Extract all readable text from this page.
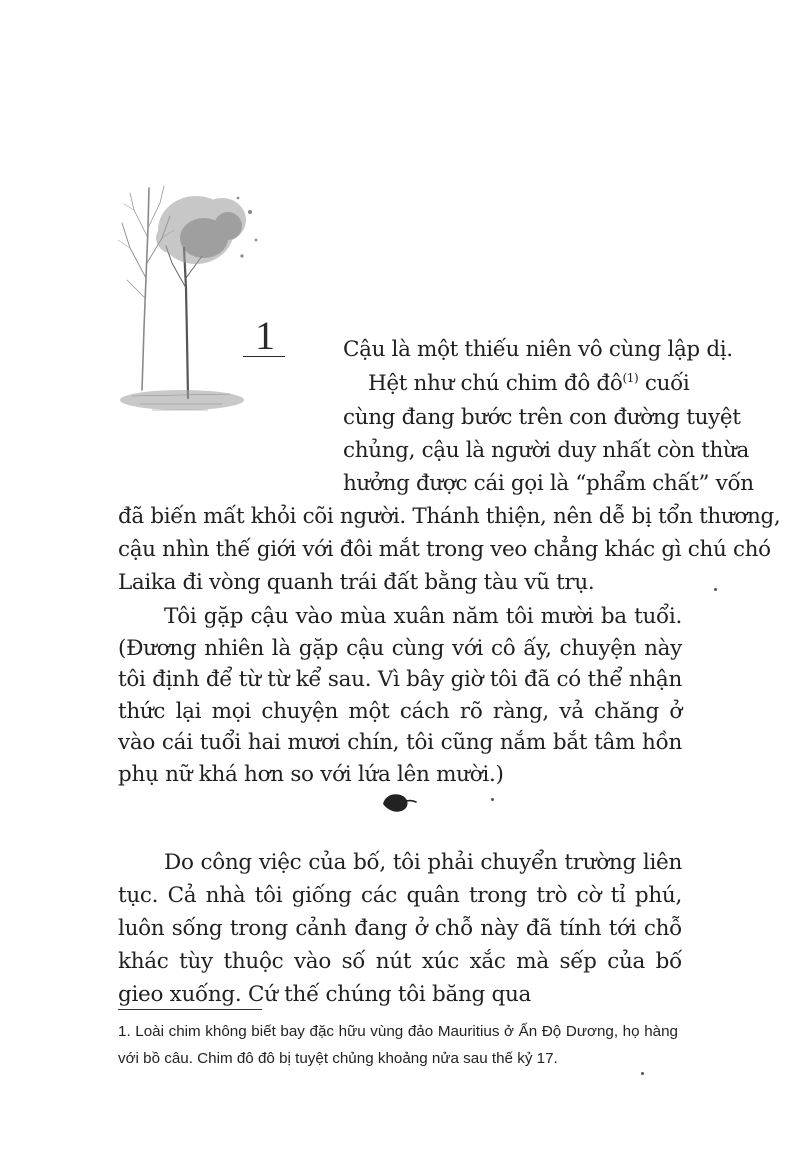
1	Cậu là một thiếu niên vô cùng lập dị.

Hệt như chú chim đô $đô^{(1)}$ cuối

cùng đang bước trên con đường tuyệt

chủng, cậu là người duy nhất còn thừa

hưởng được cái gọi là “phẩm chất” vốn

đã biến mất khỏi cõi người. Thánh thiện, nên dễ bị tổn thương,

cậu nhìn thế giới với đôi mắt trong veo chẳng khác gì chú chó

Laika đi vòng quanh trái đất bằng tàu vũ trụ.

Tôi gặp cậu vào mùa xuân năm tôi mười ba tuổi. (Đương nhiên là gặp cậu cùng với cô ấy, chuyện này tôi định để từ từ kể sau. Vì bây giờ tôi đã có thể nhận thức lại mọi chuyện một cách rõ ràng, vả chăng ở vào cái tuổi hai mươi chín, tôi cũng nắm bắt tâm hồn phụ nữ khá hơn so với lứa lên mười.)

Do công việc của bố, tôi phải chuyển trường liên tục. Cả nhà tôi giống các quân trong trò cờ tỉ phú, luôn sống trong cảnh đang ở chỗ này đã tính tới chỗ khác tùy thuộc vào số nút xúc xắc mà sếp của bố gieo xuống. Cứ thế chúng tôi băng qua

1. Loài chim không biết bay đặc hữu vùng đảo Mauritius ở Ấn Độ Dương, họ hàng với bồ câu. Chim đô đô bị tuyệt chủng khoảng nửa sau thế kỷ 17.
